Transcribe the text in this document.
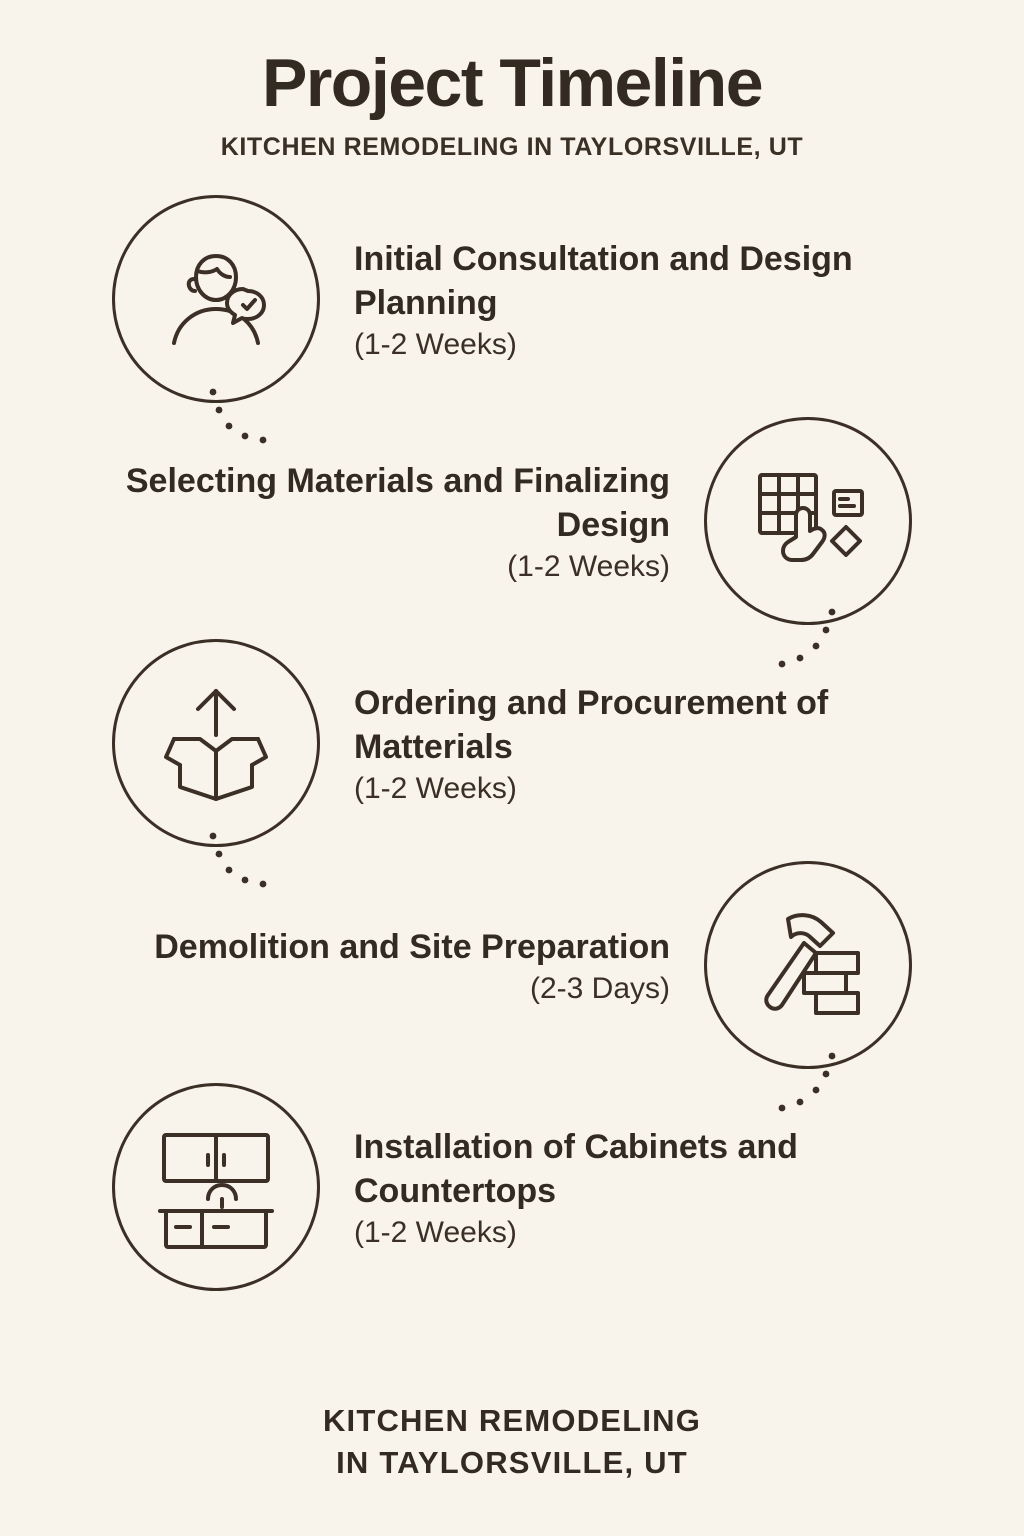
Project Timeline
KITCHEN REMODELING IN TAYLORSVILLE, UT
Initial Consultation and Design Planning
(1-2 Weeks)
Selecting Materials and Finalizing Design
(1-2 Weeks)
Ordering and Procurement of Matterials
(1-2 Weeks)
Demolition and Site Preparation
(2-3 Days)
Installation of Cabinets and Countertops
(1-2 Weeks)
KITCHEN REMODELING
IN TAYLORSVILLE, UT
